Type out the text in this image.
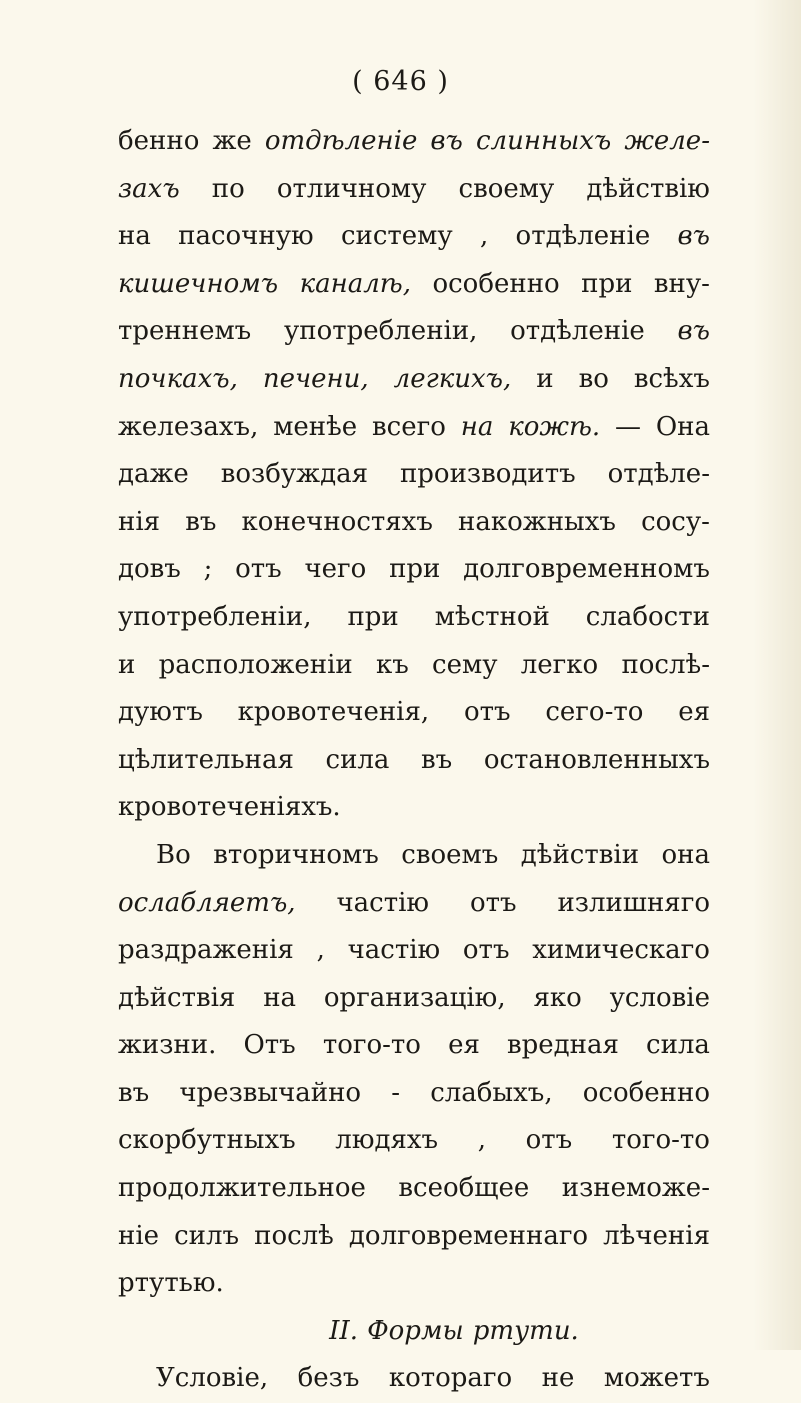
( 646 )
бенно же отдѣленіе въ слинныхъ желе-
захъ по отличному своему дѣйствію
на пасочную систему , отдѣленіе въ
кишечномъ каналѣ, особенно при вну-
треннемъ употребленіи, отдѣленіе въ
почкахъ, печени, легкихъ, и во всѣхъ
железахъ, менѣе всего на кожѣ. — Она
даже возбуждая производитъ отдѣле-
нія въ конечностяхъ накожныхъ сосу-
довъ ; отъ чего при долговременномъ
употребленіи, при мѣстной слабости
и расположеніи къ сему легко послѣ-
дуютъ кровотеченія, отъ сего-то ея
цѣлительная сила въ остановленныхъ
кровотеченіяхъ.
Во вторичномъ своемъ дѣйствіи она
ослабляетъ, частію отъ излишняго
раздраженія , частію отъ химическаго
дѣйствія на организацію, яко условіе
жизни. Отъ того-то ея вредная сила
въ чрезвычайно - слабыхъ, особенно
скорбутныхъ людяхъ , отъ того-то
продолжительное всеобщее изнеможе-
ніе силъ послѣ долговременнаго лѣченія
ртутью.
II. Формы ртути.
Условіе, безъ котораго не можетъ
